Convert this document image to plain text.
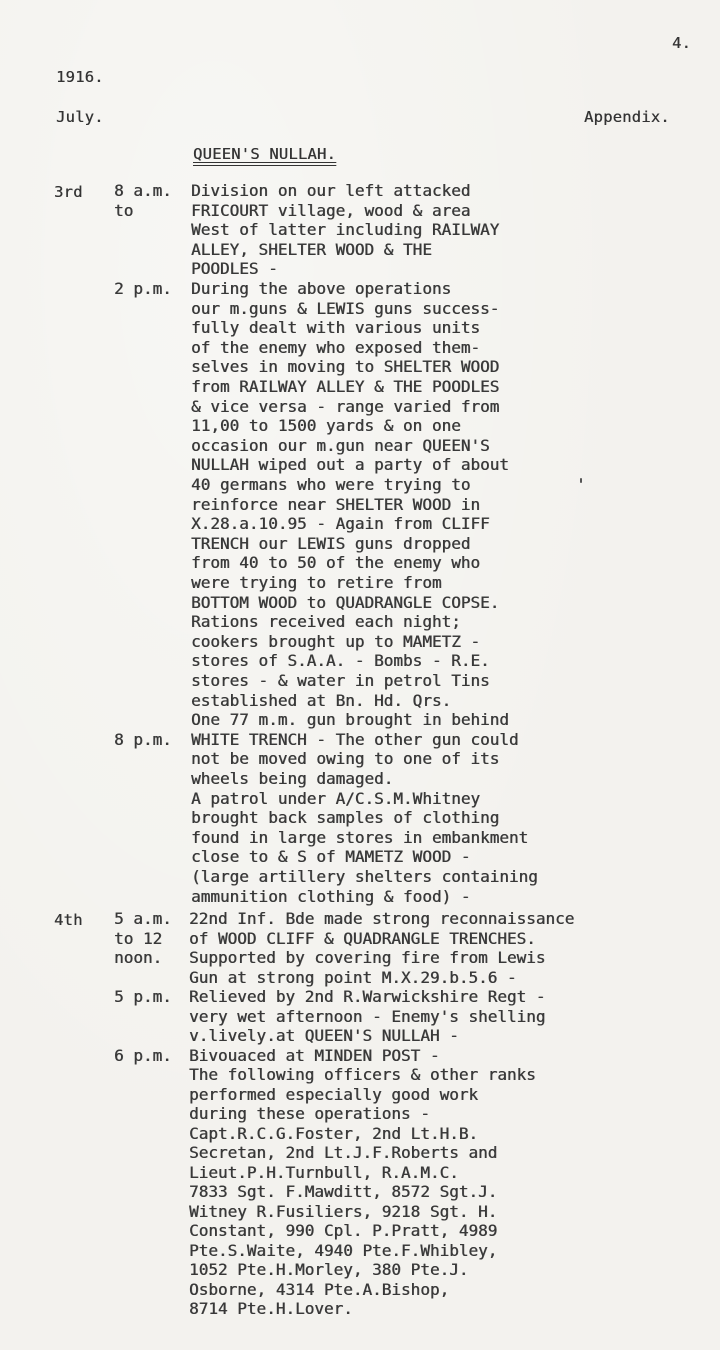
4.
1916.
July.	Appendix.
QUEEN'S NULLAH.
3rd 8 a.m.
to
2 p.m.
8 p.m.
Division on our left attacked
FRICOURT village, wood & area
West of latter including RAILWAY
ALLEY, SHELTER WOOD & THE
POODLES -
During the above operations
our m.guns & LEWIS guns success-
fully dealt with various units
of the enemy who exposed them-
selves in moving to SHELTER WOOD
from RAILWAY ALLEY & THE POODLES
& vice versa - range varied from
11,00 to 1500 yards & on one
occasion our m.gun near QUEEN'S
NULLAH wiped out a party of about
40 germans who were trying to
reinforce near SHELTER WOOD in
X.28.a.10.95 - Again from CLIFF
TRENCH our LEWIS guns dropped
from 40 to 50 of the enemy who
were trying to retire from
BOTTOM WOOD to QUADRANGLE COPSE.
Rations received each night;
cookers brought up to MAMETZ -
stores of S.A.A. - Bombs - R.E.
stores - & water in petrol Tins
established at Bn. Hd. Qrs.
One 77 m.m. gun brought in behind
WHITE TRENCH - The other gun could
not be moved owing to one of its
wheels being damaged.
A patrol under A/C.S.M.Whitney
brought back samples of clothing
found in large stores in embankment
close to & S of MAMETZ WOOD -
(large artillery shelters containing
ammunition clothing & food) -
4th 5 a.m.
to 12
noon.
5 p.m.
6 p.m.
22nd Inf. Bde made strong reconnaissance
of WOOD CLIFF & QUADRANGLE TRENCHES.
Supported by covering fire from Lewis
Gun at strong point M.X.29.b.5.6 -
Relieved by 2nd R.Warwickshire Regt -
very wet afternoon - Enemy's shelling
v.lively.at QUEEN'S NULLAH -
Bivouaced at MINDEN POST -
The following officers & other ranks
performed especially good work
during these operations -
Capt.R.C.G.Foster, 2nd Lt.H.B.
Secretan, 2nd Lt.J.F.Roberts and
Lieut.P.H.Turnbull, R.A.M.C.
7833 Sgt. F.Mawditt, 8572 Sgt.J.
Witney R.Fusiliers, 9218 Sgt. H.
Constant, 990 Cpl. P.Pratt, 4989
Pte.S.Waite, 4940 Pte.F.Whibley,
1052 Pte.H.Morley, 380 Pte.J.
Osborne, 4314 Pte.A.Bishop,
8714 Pte.H.Lover.
